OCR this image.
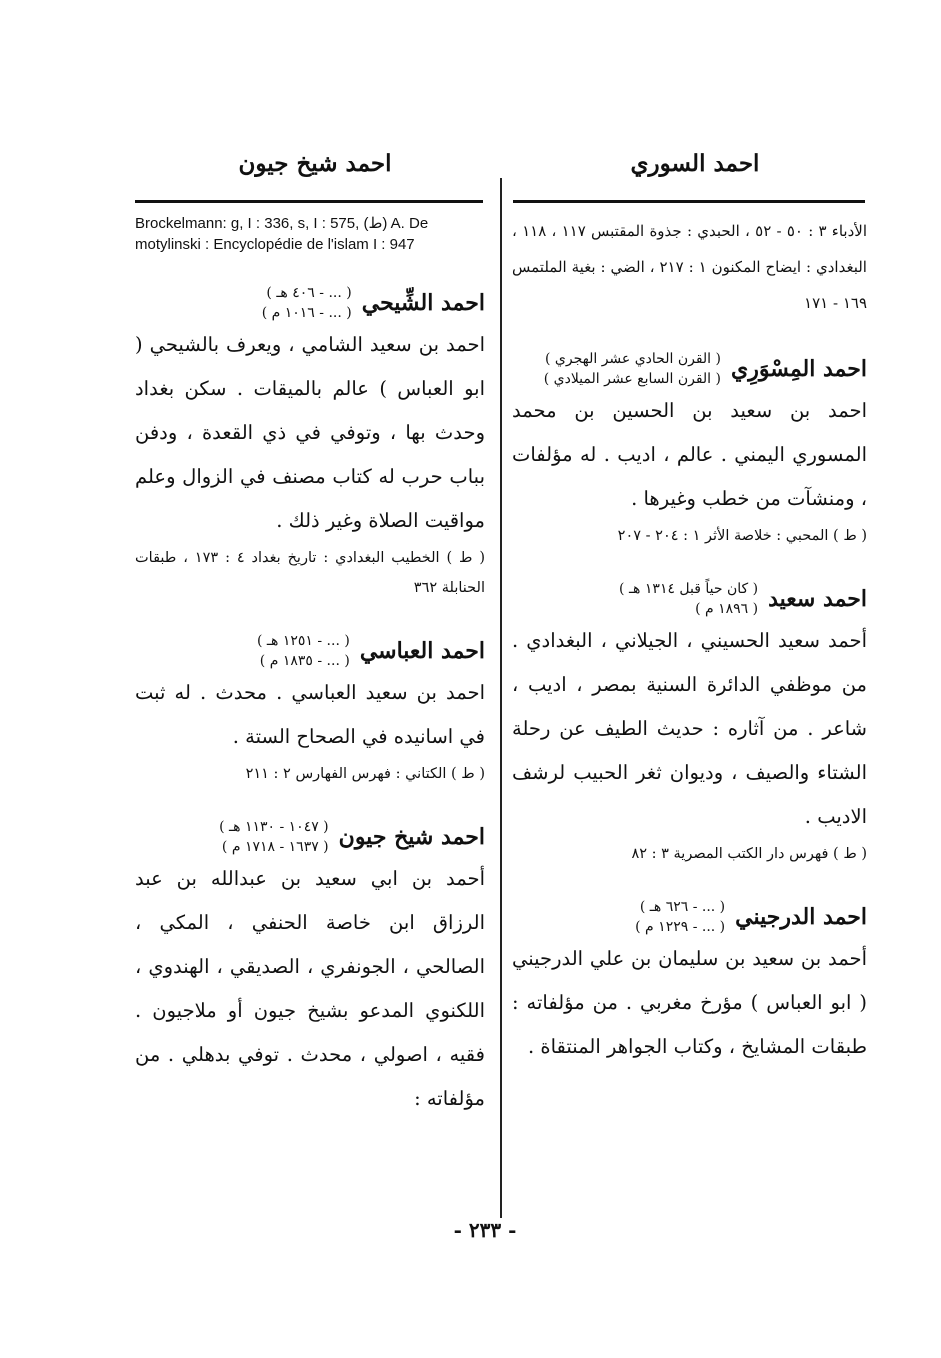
احمد السوري
احمد شيخ جيون

الأدباء ٣ : ٥٠ - ٥٢ ، الحبدي : جذوة المقتبس ١١٧ ، ١١٨ ، البغدادي : ايضاح المكنون ١ : ٢١٧ ، الضي : بغية الملتمس ١٦٩ - ١٧١

احمد المِسْوَرِي
( القرن الحادي عشر الهجري )
( القرن السابع عشر الميلادي )

احمد بن سعيد بن الحسين بن محمد المسوري اليمني . عالم ، اديب . له مؤلفات ، ومنشآت من خطب وغيرها .

( ط ) المحبي : خلاصة الأثر ١ : ٢٠٤ - ٢٠٧

احمد سعيد
( كان حياً قبل ١٣١٤ هـ )
( ١٨٩٦ م )

أحمد سعيد الحسيني ، الجيلاني ، البغدادي . من موظفي الدائرة السنية بمصر ، اديب ، شاعر . من آثاره : حديث الطيف عن رحلة الشتاء والصيف ، وديوان ثغر الحبيب لرشف الاديب .

( ط ) فهرس دار الكتب المصرية ٣ : ٨٢

احمد الدرجيني
( ... - ٦٢٦ هـ )
( ... - ١٢٢٩ م )

أحمد بن سعيد بن سليمان بن علي الدرجيني ( ابو العباس ) مؤرخ مغربي . من مؤلفاته : طبقات المشايخ ، وكتاب الجواهر المنتقاة .

Brockelmann: g, I : 336, s, I : 575, (ط) A. De motylinski : Encyclopédie de l'islam I : 947

احمد الشِّيحي
( ... - ٤٠٦ هـ )
( ... - ١٠١٦ م )

احمد بن سعيد الشامي ، ويعرف بالشيحي ( ابو العباس ) عالم بالميقات . سكن بغداد وحدث بها ، وتوفي في ذي القعدة ، ودفن بباب حرب له كتاب مصنف في الزوال وعلم مواقيت الصلاة وغير ذلك .

( ط ) الخطيب البغدادي : تاريخ بغداد ٤ : ١٧٣ ، طبقات الحنابلة ٣٦٢

احمد العباسي
( ... - ١٢٥١ هـ )
( ... - ١٨٣٥ م )

احمد بن سعيد العباسي . محدث . له ثبت في اسانيده في الصحاح الستة .

( ط ) الكتاني : فهرس الفهارس ٢ : ٢١١

احمد شيخ جيون
( ١٠٤٧ - ١١٣٠ هـ )
( ١٦٣٧ - ١٧١٨ م )

أحمد بن ابي سعيد بن عبدالله بن عبد الرزاق ابن خاصة الحنفي ، المكي ، الصالحي ، الجونفري ، الصديقي ، الهندوي ، اللكنوي المدعو بشيخ جيون أو ملاجيون . فقيه ، اصولي ، محدث . توفي بدهلي . من مؤلفاته :

- ٢٣٣ -
